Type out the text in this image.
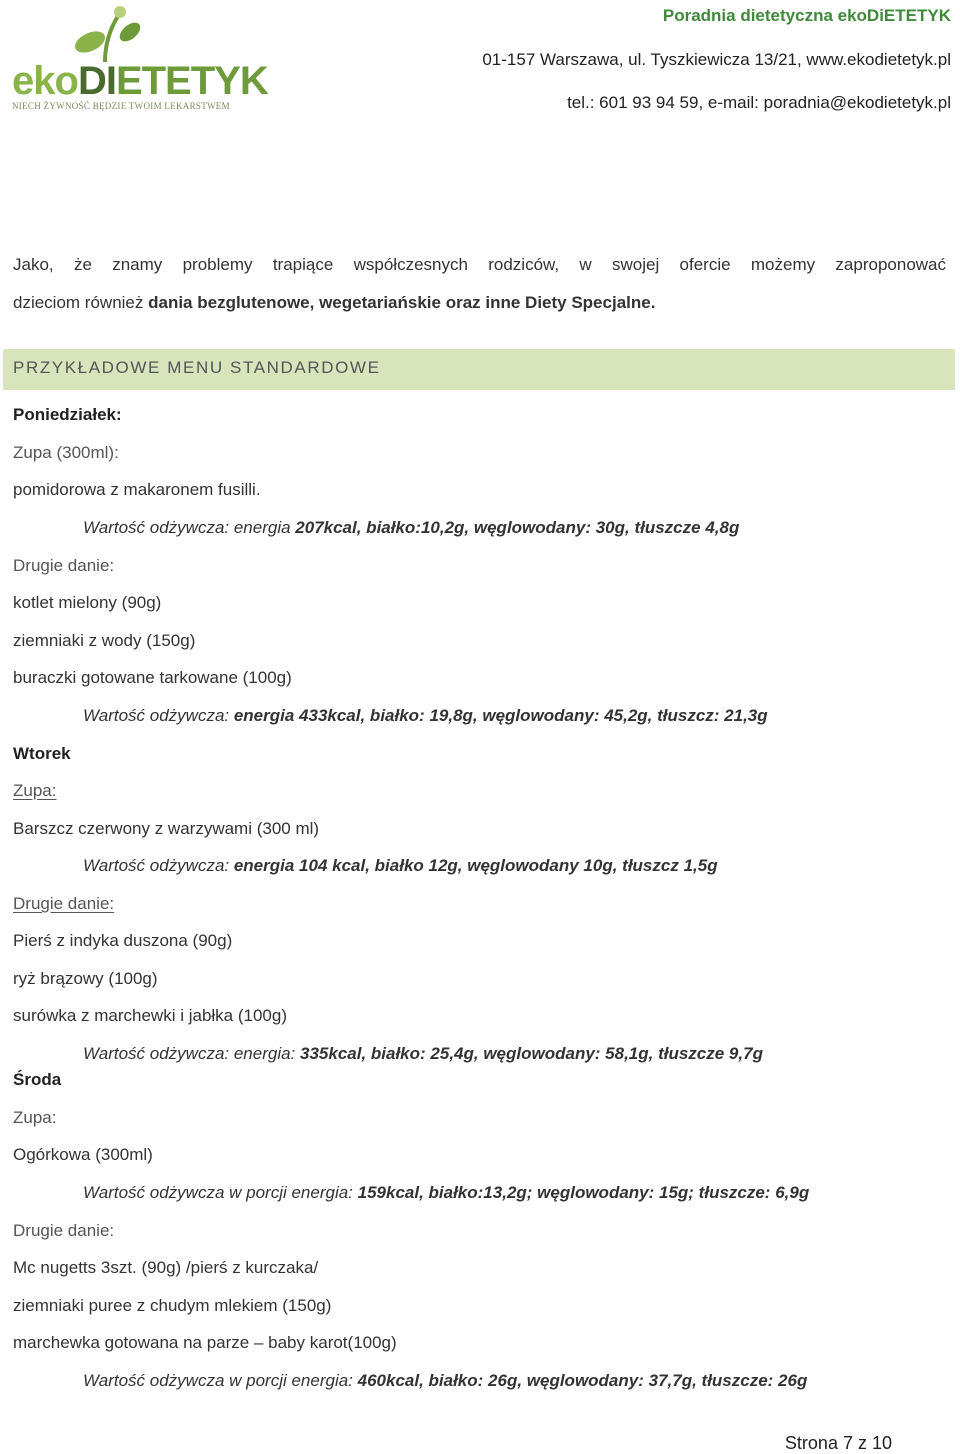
ekoDIETETYK
NIECH ŻYWNOŚĆ BĘDZIE TWOIM LEKARSTWEM
Poradnia dietetyczna ekoDiETETYK
01-157 Warszawa, ul. Tyszkiewicza 13/21, www.ekodietetyk.pl
tel.: 601 93 94 59, e-mail: poradnia@ekodietetyk.pl
Jako, że znamy problemy trapiące współczesnych rodziców, w swojej ofercie możemy zaproponować
dzieciom również dania bezglutenowe, wegetariańskie oraz inne Diety Specjalne.
PRZYKŁADOWE MENU STANDARDOWE
Poniedziałek:
Zupa (300ml):
pomidorowa z makaronem fusilli.
Wartość odżywcza: energia 207kcal, białko:10,2g, węglowodany: 30g, tłuszcze 4,8g
Drugie danie:
kotlet mielony (90g)
ziemniaki z wody (150g)
buraczki gotowane tarkowane (100g)
Wartość odżywcza: energia 433kcal, białko: 19,8g, węglowodany: 45,2g, tłuszcz: 21,3g
Wtorek
Zupa:
Barszcz czerwony z warzywami (300 ml)
Wartość odżywcza: energia 104 kcal, białko 12g, węglowodany 10g, tłuszcz 1,5g
Drugie danie:
Pierś z indyka duszona (90g)
ryż brązowy (100g)
surówka z marchewki i jabłka (100g)
Wartość odżywcza: energia: 335kcal, białko: 25,4g, węglowodany: 58,1g, tłuszcze 9,7g
Środa
Zupa:
Ogórkowa (300ml)
Wartość odżywcza w porcji energia: 159kcal, białko:13,2g; węglowodany: 15g; tłuszcze: 6,9g
Drugie danie:
Mc nugetts 3szt. (90g) /pierś z kurczaka/
ziemniaki puree z chudym mlekiem (150g)
marchewka gotowana na parze – baby karot(100g)
Wartość odżywcza w porcji energia: 460kcal, białko: 26g, węglowodany: 37,7g, tłuszcze: 26g
Strona 7 z 10
